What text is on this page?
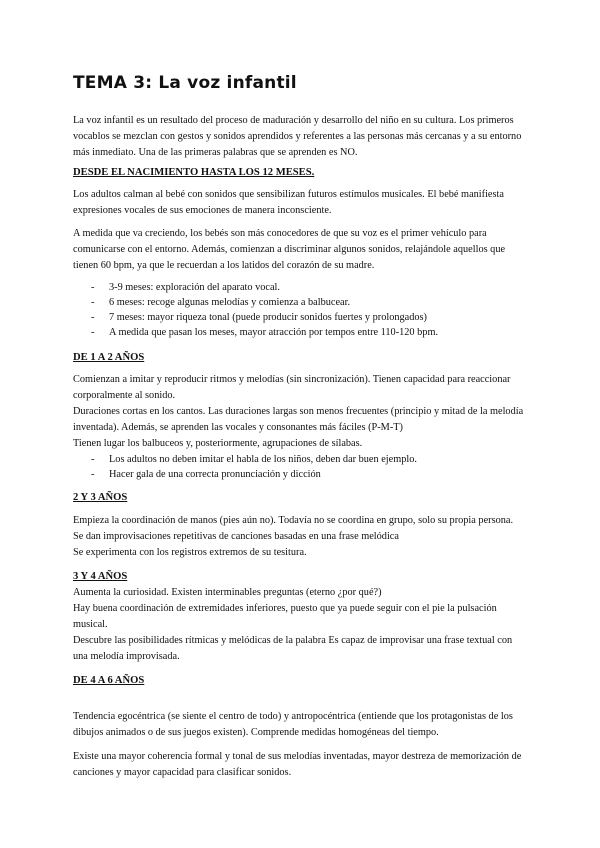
TEMA 3: La voz infantil

La voz infantil es un resultado del proceso de maduración y desarrollo del niño en su cultura. Los primeros vocablos se mezclan con gestos y sonidos aprendidos y referentes a las personas más cercanas y a su entorno más inmediato. Una de las primeras palabras que se aprenden es NO.

DESDE EL NACIMIENTO HASTA LOS 12 MESES.

Los adultos calman al bebé con sonidos que sensibilizan futuros estímulos musicales. El bebé manifiesta expresiones vocales de sus emociones de manera inconsciente.

A medida que va creciendo, los bebés son más conocedores de que su voz es el primer vehículo para comunicarse con el entorno. Además, comienzan a discriminar algunos sonidos, relajándole aquellos que tienen 60 bpm, ya que le recuerdan a los latidos del corazón de su madre.

- 3-9 meses: exploración del aparato vocal.
- 6 meses: recoge algunas melodías y comienza a balbucear.
- 7 meses: mayor riqueza tonal (puede producir sonidos fuertes y prolongados)
- A medida que pasan los meses, mayor atracción por tempos entre 110-120 bpm.
DE 1 A 2 AÑOS

Comienzan a imitar y reproducir ritmos y melodías (sin sincronización). Tienen capacidad para reaccionar corporalmente al sonido.

Duraciones cortas en los cantos. Las duraciones largas son menos frecuentes (principio y mitad de la melodía inventada). Además, se aprenden las vocales y consonantes más fáciles (P-M-T)

Tienen lugar los balbuceos y, posteriormente, agrupaciones de sílabas.

- Los adultos no deben imitar el habla de los niños, deben dar buen ejemplo.
- Hacer gala de una correcta pronunciación y dicción
2 Y 3 AÑOS

Empieza la coordinación de manos (pies aún no). Todavía no se coordina en grupo, solo su propia persona.

Se dan improvisaciones repetitivas de canciones basadas en una frase melódica

Se experimenta con los registros extremos de su tesitura.

3 Y 4 AÑOS

Aumenta la curiosidad. Existen interminables preguntas (eterno ¿por qué?)

Hay buena coordinación de extremidades inferiores, puesto que ya puede seguir con el pie la pulsación musical.

Descubre las posibilidades rítmicas y melódicas de la palabra Es capaz de improvisar una frase textual con una melodía improvisada.

DE 4 A 6 AÑOS

Tendencia egocéntrica (se siente el centro de todo) y antropocéntrica (entiende que los protagonistas de los dibujos animados o de sus juegos existen). Comprende medidas homogéneas del tiempo.

Existe una mayor coherencia formal y tonal de sus melodías inventadas, mayor destreza de memorización de canciones y mayor capacidad para clasificar sonidos.
